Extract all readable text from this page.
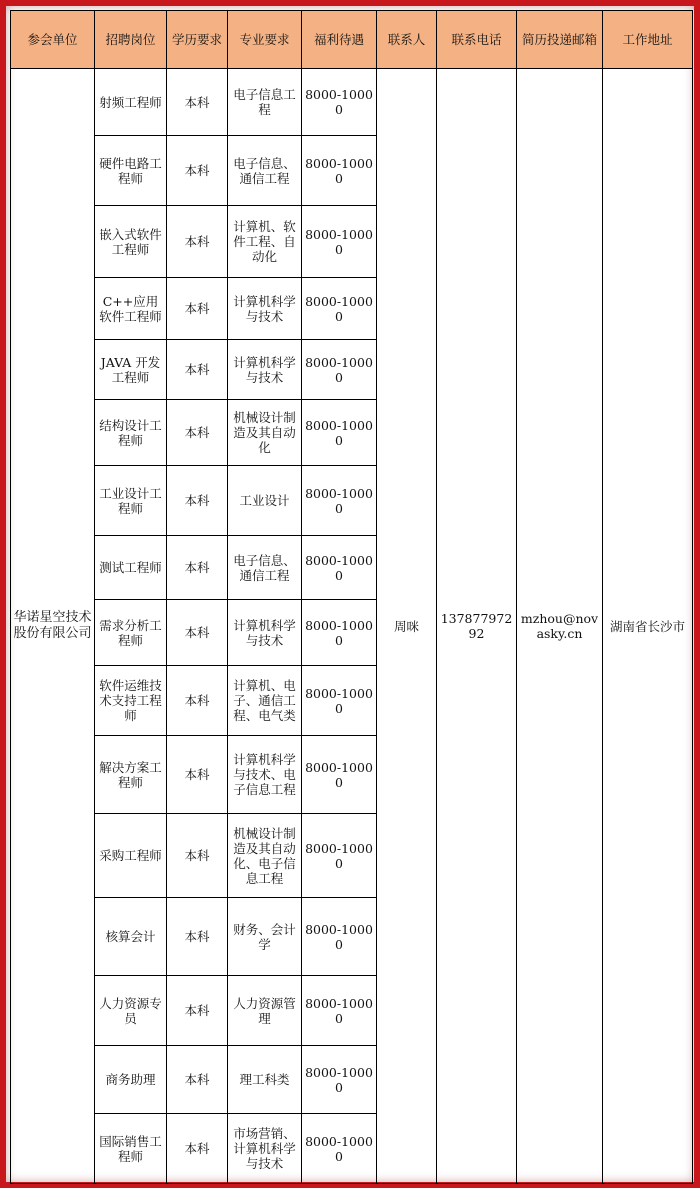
参会单位	招聘岗位	学历要求	专业要求	福利待遇	联系人	联系电话	简历投递邮箱	工作地址
华诺星空技术股份有限公司	射频工程师	本科	电子信息工程	8000-10000	周咪	13787797292	mzhou@novasky.cn	湖南省长沙市
	硬件电路工程师	本科	电子信息、通信工程	8000-10000				
	嵌入式软件工程师	本科	计算机、软件工程、自动化	8000-10000				
	C++应用软件工程师	本科	计算机科学与技术	8000-10000				
	JAVA 开发工程师	本科	计算机科学与技术	8000-10000				
	结构设计工程师	本科	机械设计制造及其自动化	8000-10000				
	工业设计工程师	本科	工业设计	8000-10000				
	测试工程师	本科	电子信息、通信工程	8000-10000				
	需求分析工程师	本科	计算机科学与技术	8000-10000				
	软件运维技术支持工程师	本科	计算机、电子、通信工程、电气类	8000-10000				
	解决方案工程师	本科	计算机科学与技术、电子信息工程	8000-10000				
	采购工程师	本科	机械设计制造及其自动化、电子信息工程	8000-10000				
	核算会计	本科	财务、会计学	8000-10000				
	人力资源专员	本科	人力资源管理	8000-10000				
	商务助理	本科	理工科类	8000-10000				
	国际销售工程师	本科	市场营销、计算机科学与技术	8000-10000				
